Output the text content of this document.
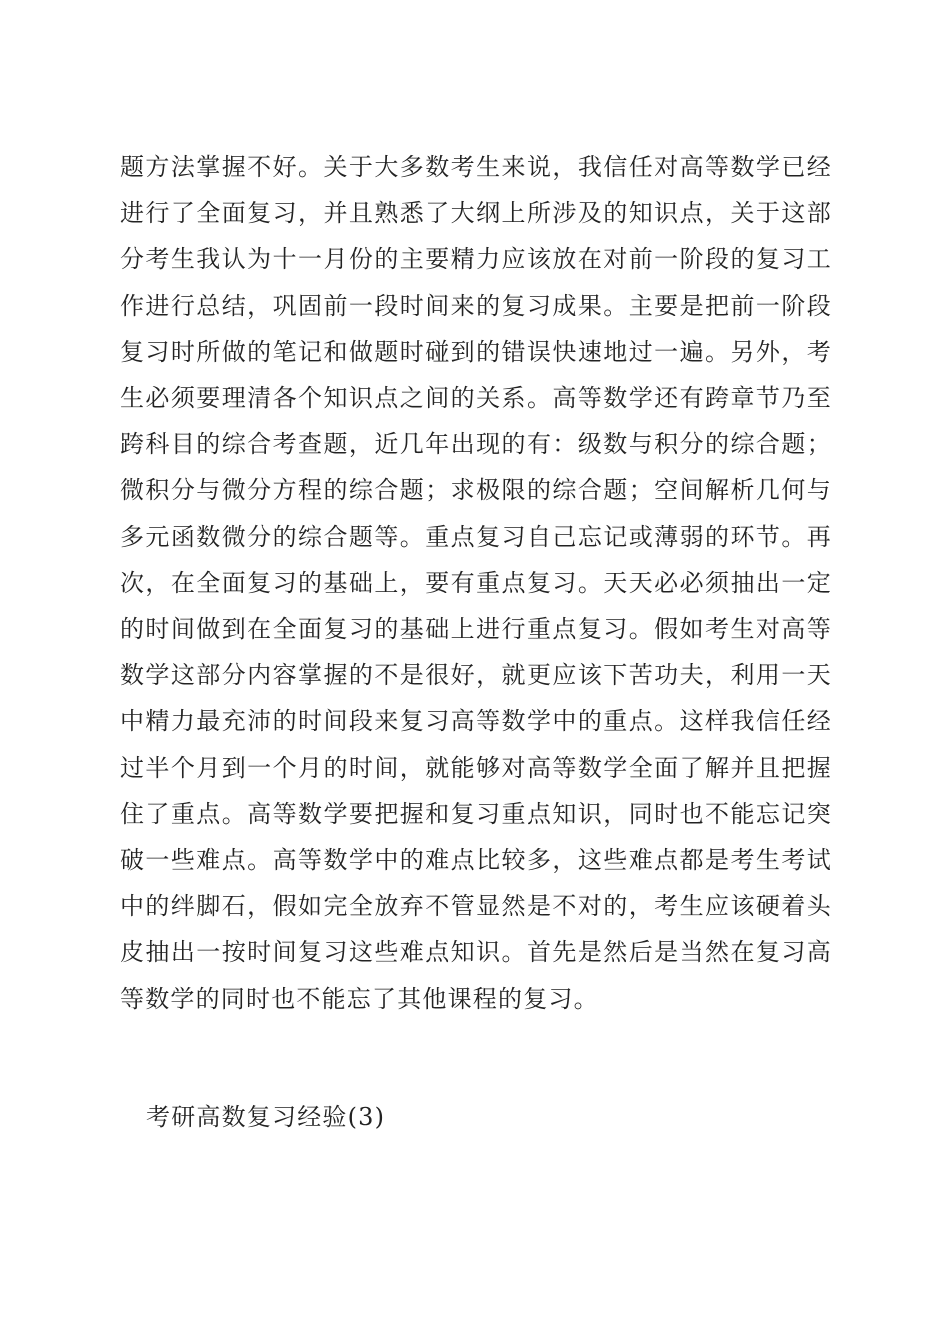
题方法掌握不好。关于大多数考生来说，我信任对高等数学已经进行了全面复习，并且熟悉了大纲上所涉及的知识点，关于这部分考生我认为十一月份的主要精力应该放在对前一阶段的复习工作进行总结，巩固前一段时间来的复习成果。主要是把前一阶段复习时所做的笔记和做题时碰到的错误快速地过一遍。另外，考生必须要理清各个知识点之间的关系。高等数学还有跨章节乃至跨科目的综合考查题，近几年出现的有：级数与积分的综合题；微积分与微分方程的综合题；求极限的综合题；空间解析几何与多元函数微分的综合题等。重点复习自己忘记或薄弱的环节。再次，在全面复习的基础上，要有重点复习。天天必必须抽出一定的时间做到在全面复习的基础上进行重点复习。假如考生对高等数学这部分内容掌握的不是很好，就更应该下苦功夫，利用一天中精力最充沛的时间段来复习高等数学中的重点。这样我信任经过半个月到一个月的时间，就能够对高等数学全面了解并且把握住了重点。高等数学要把握和复习重点知识，同时也不能忘记突破一些难点。高等数学中的难点比较多，这些难点都是考生考试中的绊脚石，假如完全放弃不管显然是不对的，考生应该硬着头皮抽出一按时间复习这些难点知识。首先是然后是当然在复习高等数学的同时也不能忘了其他课程的复习。

考研高数复习经验(3)
